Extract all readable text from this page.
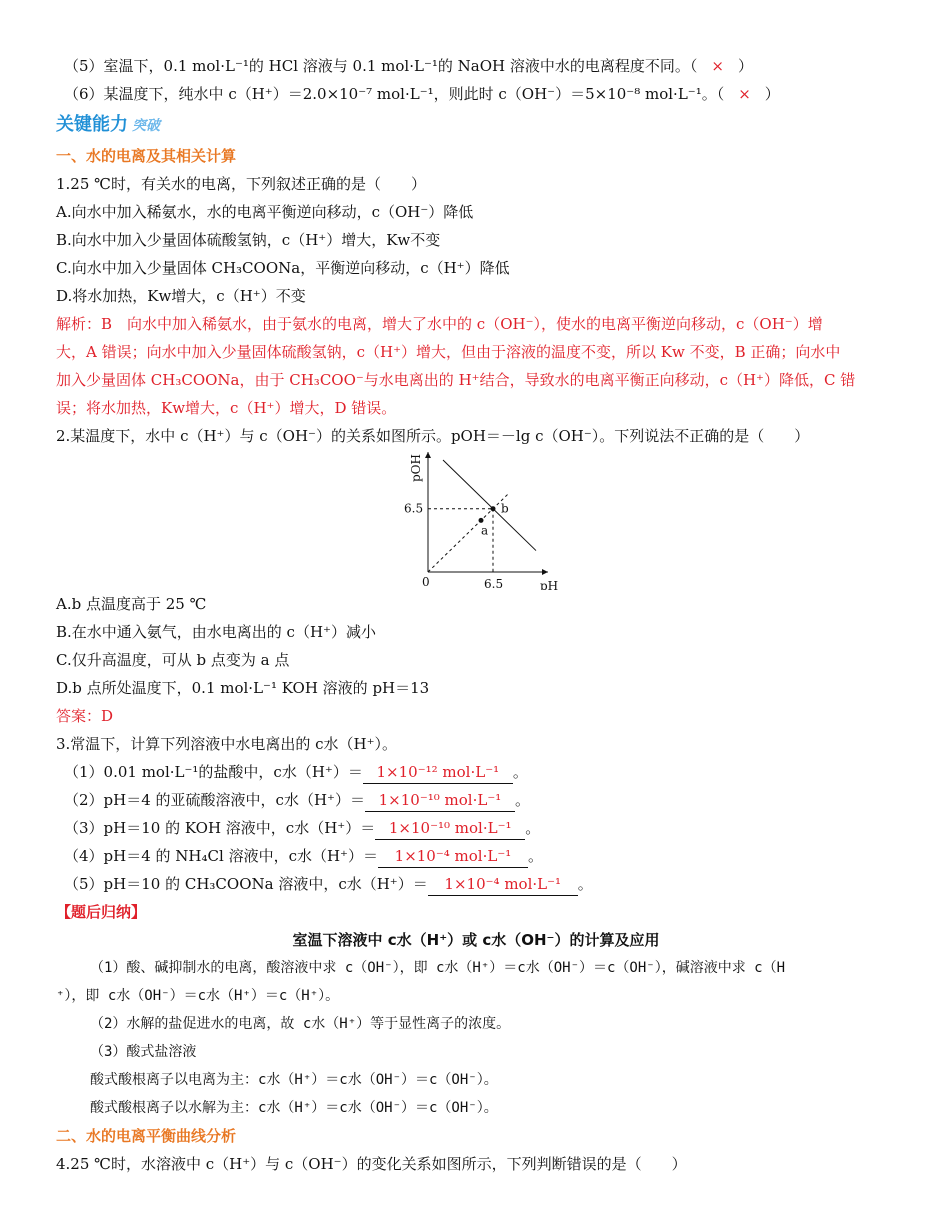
（5）室温下，0.1 mol·L⁻¹的 HCl 溶液与 0.1 mol·L⁻¹的 NaOH 溶液中水的电离程度不同。（ × ）
（6）某温度下，纯水中 c（H⁺）＝2.0×10⁻⁷ mol·L⁻¹，则此时 c（OH⁻）＝5×10⁻⁸ mol·L⁻¹。（ × ）
关键能力 突破
一、水的电离及其相关计算
1.25 ℃时，有关水的电离，下列叙述正确的是（　　）
A.向水中加入稀氨水，水的电离平衡逆向移动，c（OH⁻）降低
B.向水中加入少量固体硫酸氢钠，c（H⁺）增大，Kw不变
C.向水中加入少量固体 CH₃COONa，平衡逆向移动，c（H⁺）降低
D.将水加热，Kw增大，c（H⁺）不变
解析：B　向水中加入稀氨水，由于氨水的电离，增大了水中的 c（OH⁻），使水的电离平衡逆向移动，c（OH⁻）增
大，A 错误；向水中加入少量固体硫酸氢钠，c（H⁺）增大，但由于溶液的温度不变，所以 Kw 不变，B 正确；向水中
加入少量固体 CH₃COONa，由于 CH₃COO⁻与水电离出的 H⁺结合，导致水的电离平衡正向移动，c（H⁺）降低，C 错
误；将水加热，Kw增大，c（H⁺）增大，D 错误。
2.某温度下，水中 c（H⁺）与 c（OH⁻）的关系如图所示。pOH＝－lg c（OH⁻）。下列说法不正确的是（　　）
a
b
0	6.5
6.5
pH
pOH
A.b 点温度高于 25 ℃
B.在水中通入氨气，由水电离出的 c（H⁺）减小
C.仅升高温度，可从 b 点变为 a 点
D.b 点所处温度下，0.1 mol·L⁻¹ KOH 溶液的 pH＝13
答案：D
3.常温下，计算下列溶液中水电离出的 c水（H⁺）。
（1）0.01 mol·L⁻¹的盐酸中，c水（H⁺）＝ 1×10⁻¹² mol·L⁻¹ 。
（2）pH＝4 的亚硫酸溶液中，c水（H⁺）＝ 1×10⁻¹⁰ mol·L⁻¹ 。
（3）pH＝10 的 KOH 溶液中，c水（H⁺）＝ 1×10⁻¹⁰ mol·L⁻¹ 。
（4）pH＝4 的 NH₄Cl 溶液中，c水（H⁺）＝ 1×10⁻⁴ mol·L⁻¹ 。
（5）pH＝10 的 CH₃COONa 溶液中，c水（H⁺）＝ 1×10⁻⁴ mol·L⁻¹ 。
【题后归纳】
室温下溶液中 c水（H⁺）或 c水（OH⁻）的计算及应用
（1）酸、碱抑制水的电离，酸溶液中求 c（OH⁻），即 c水（H⁺）＝c水（OH⁻）＝c（OH⁻），碱溶液中求 c（H
⁺），即 c水（OH⁻）＝c水（H⁺）＝c（H⁺）。
（2）水解的盐促进水的电离，故 c水（H⁺）等于显性离子的浓度。
（3）酸式盐溶液
酸式酸根离子以电离为主：c水（H⁺）＝c水（OH⁻）＝c（OH⁻）。
酸式酸根离子以水解为主：c水（H⁺）＝c水（OH⁻）＝c（OH⁻）。
二、水的电离平衡曲线分析
4.25 ℃时，水溶液中 c（H⁺）与 c（OH⁻）的变化关系如图所示，下列判断错误的是（　　）
